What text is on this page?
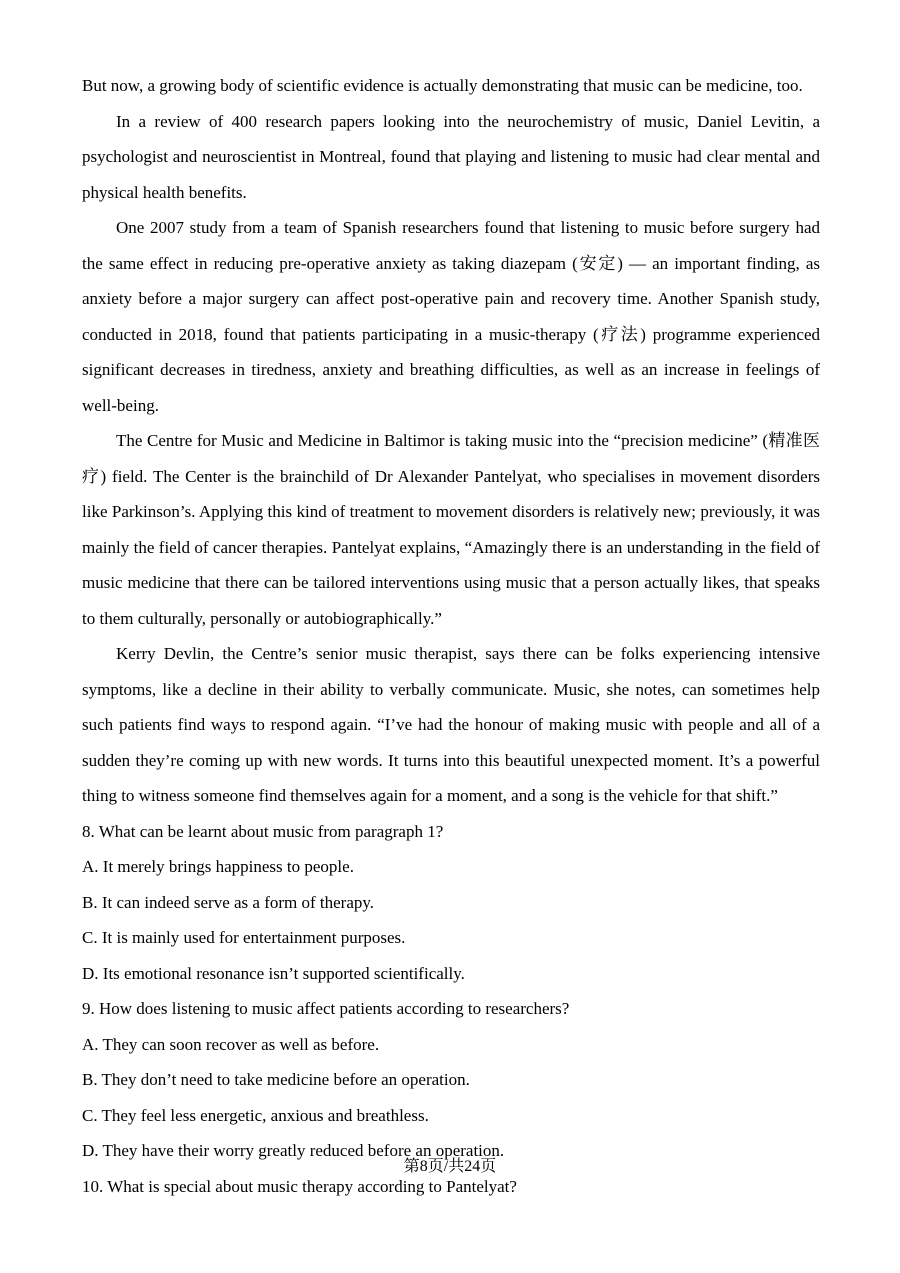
But now, a growing body of scientific evidence is actually demonstrating that music can be medicine, too.

In a review of 400 research papers looking into the neurochemistry of music, Daniel Levitin, a psychologist and neuroscientist in Montreal, found that playing and listening to music had clear mental and physical health benefits.

One 2007 study from a team of Spanish researchers found that listening to music before surgery had the same effect in reducing pre-operative anxiety as taking diazepam (安定) — an important finding, as anxiety before a major surgery can affect post-operative pain and recovery time. Another Spanish study, conducted in 2018, found that patients participating in a music-therapy (疗法) programme experienced significant decreases in tiredness, anxiety and breathing difficulties, as well as an increase in feelings of well-being.

The Centre for Music and Medicine in Baltimor is taking music into the “precision medicine” (精准医疗) field. The Center is the brainchild of Dr Alexander Pantelyat, who specialises in movement disorders like Parkinson’s. Applying this kind of treatment to movement disorders is relatively new; previously, it was mainly the field of cancer therapies. Pantelyat explains, “Amazingly there is an understanding in the field of music medicine that there can be tailored interventions using music that a person actually likes, that speaks to them culturally, personally or autobiographically.”

Kerry Devlin, the Centre’s senior music therapist, says there can be folks experiencing intensive symptoms, like a decline in their ability to verbally communicate. Music, she notes, can sometimes help such patients find ways to respond again. “I’ve had the honour of making music with people and all of a sudden they’re coming up with new words. It turns into this beautiful unexpected moment. It’s a powerful thing to witness someone find themselves again for a moment, and a song is the vehicle for that shift.”

8. What can be learnt about music from paragraph 1?
A. It merely brings happiness to people.
B. It can indeed serve as a form of therapy.
C. It is mainly used for entertainment purposes.
D. Its emotional resonance isn’t supported scientifically.
9. How does listening to music affect patients according to researchers?
A. They can soon recover as well as before.
B. They don’t need to take medicine before an operation.
C. They feel less energetic, anxious and breathless.
D. They have their worry greatly reduced before an operation.
10. What is special about music therapy according to Pantelyat?
第8页/共24页
